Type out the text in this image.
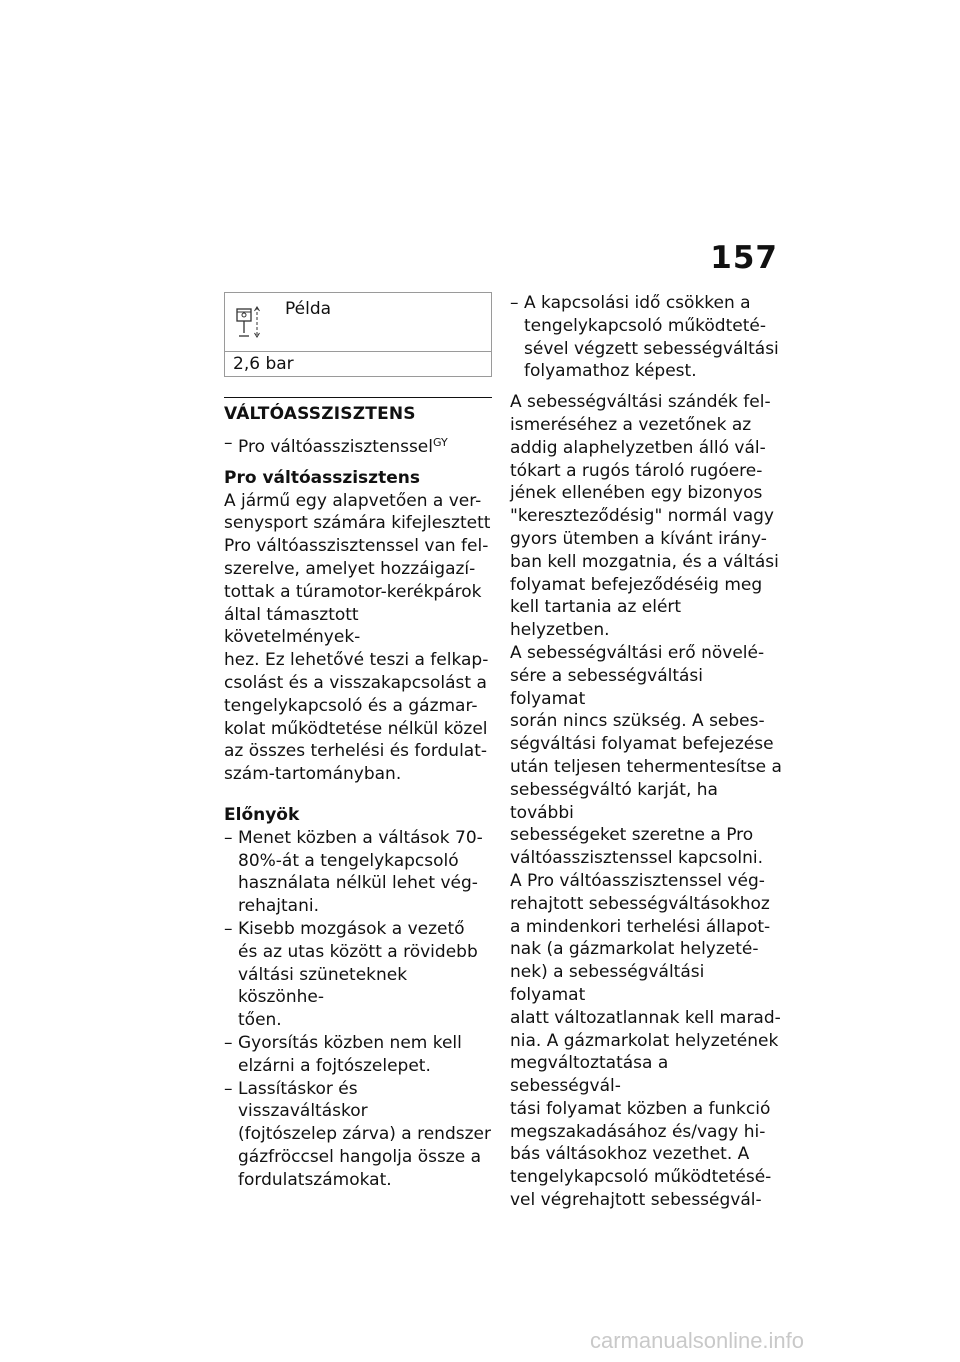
157
Példa
2,6 bar
VÁLTÓASSZISZTENS
– Pro váltóasszisztenssel$^{GY}$
Pro váltóasszisztens
A jármű egy alapvetően a ver-
senysport számára kifejlesztett
Pro váltóasszisztenssel van fel-
szerelve, amelyet hozzáigazí-
tottak a túramotor-kerékpárok
által támasztott követelmények-
hez. Ez lehetővé teszi a felkap-
csolást és a visszakapcsolást a
tengelykapcsoló és a gázmar-
kolat működtetése nélkül közel
az összes terhelési és fordulat-
szám-tartományban.
Előnyök
– Menet közben a váltások 70-
80%-át a tengelykapcsoló
használata nélkül lehet vég-
rehajtani.
– Kisebb mozgások a vezető
és az utas között a rövidebb
váltási szüneteknek köszönhe-
tően.
– Gyorsítás közben nem kell
elzárni a fojtószelepet.
– Lassításkor és visszaváltáskor
(fojtószelep zárva) a rendszer
gázfröccsel hangolja össze a
fordulatszámokat.
– A kapcsolási idő csökken a
tengelykapcsoló működteté-
sével végzett sebességváltási
folyamathoz képest.
A sebességváltási szándék fel-
ismeréséhez a vezetőnek az
addig alaphelyzetben álló vál-
tókart a rugós tároló rugóere-
jének ellenében egy bizonyos
"kereszteződésig" normál vagy
gyors ütemben a kívánt irány-
ban kell mozgatnia, és a váltási
folyamat befejeződéséig meg
kell tartania az elért helyzetben.
A sebességváltási erő növelé-
sére a sebességváltási folyamat
során nincs szükség. A sebes-
ségváltási folyamat befejezése
után teljesen tehermentesítse a
sebességváltó karját, ha további
sebességeket szeretne a Pro
váltóasszisztenssel kapcsolni.
A Pro váltóasszisztenssel vég-
rehajtott sebességváltásokhoz
a mindenkori terhelési állapot-
nak (a gázmarkolat helyzeté-
nek) a sebességváltási folyamat
alatt változatlannak kell marad-
nia. A gázmarkolat helyzetének
megváltoztatása a sebességvál-
tási folyamat közben a funkció
megszakadásához és/vagy hi-
bás váltásokhoz vezethet. A
tengelykapcsoló működtetésé-
vel végrehajtott sebességvál-
carmanualsonline.info
